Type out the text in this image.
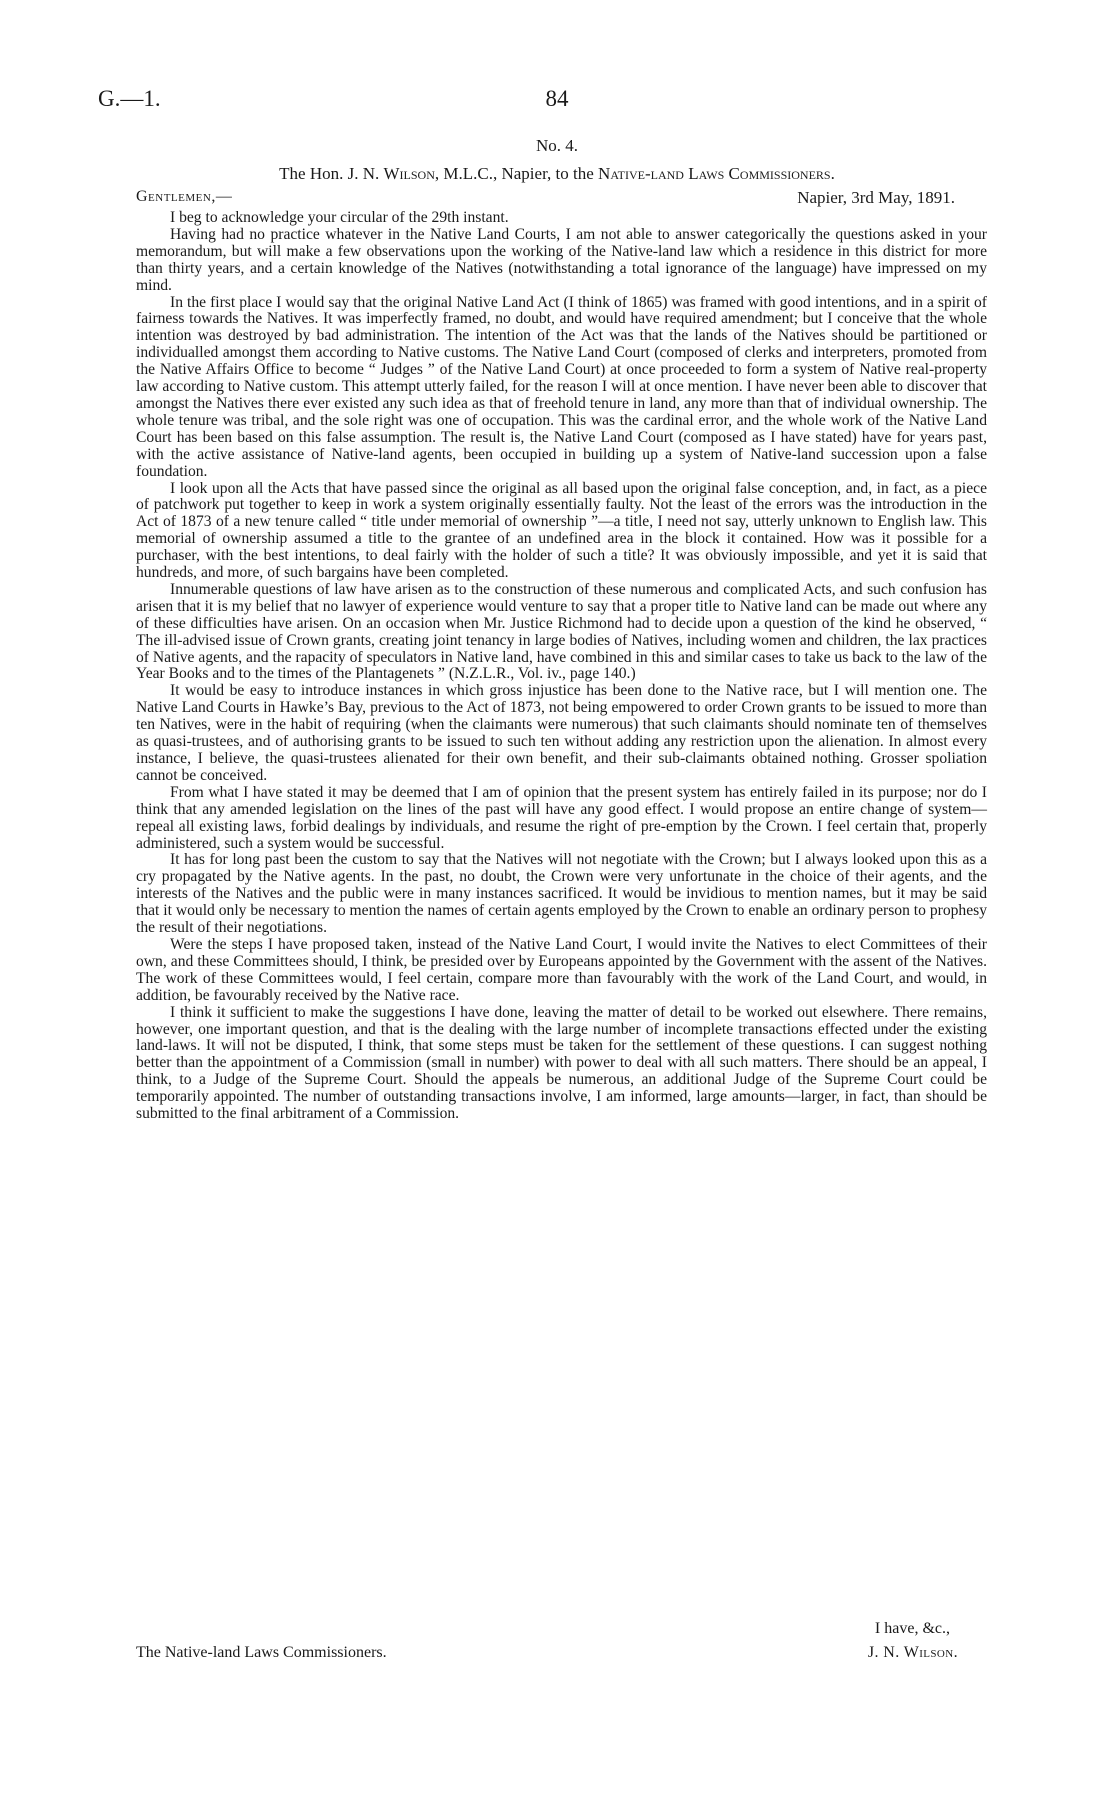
G.—1.	84
No. 4.
The Hon. J. N. Wilson, M.L.C., Napier, to the Native-land Laws Commissioners.
Gentlemen,—	Napier, 3rd May, 1891.

I beg to acknowledge your circular of the 29th instant.

Having had no practice whatever in the Native Land Courts, I am not able to answer categorically the questions asked in your memorandum, but will make a few observations upon the working of the Native-land law which a residence in this district for more than thirty years, and a certain knowledge of the Natives (notwithstanding a total ignorance of the language) have impressed on my mind.

In the first place I would say that the original Native Land Act (I think of 1865) was framed with good intentions, and in a spirit of fairness towards the Natives. It was imperfectly framed, no doubt, and would have required amendment; but I conceive that the whole intention was destroyed by bad administration. The intention of the Act was that the lands of the Natives should be partitioned or individualled amongst them according to Native customs. The Native Land Court (composed of clerks and interpreters, promoted from the Native Affairs Office to become “ Judges ” of the Native Land Court) at once proceeded to form a system of Native real-property law according to Native custom. This attempt utterly failed, for the reason I will at once mention. I have never been able to discover that amongst the Natives there ever existed any such idea as that of freehold tenure in land, any more than that of individual ownership. The whole tenure was tribal, and the sole right was one of occupation. This was the cardinal error, and the whole work of the Native Land Court has been based on this false assumption. The result is, the Native Land Court (composed as I have stated) have for years past, with the active assistance of Native-land agents, been occupied in building up a system of Native-land succession upon a false foundation.

I look upon all the Acts that have passed since the original as all based upon the original false conception, and, in fact, as a piece of patchwork put together to keep in work a system originally essentially faulty. Not the least of the errors was the introduction in the Act of 1873 of a new tenure called “ title under memorial of ownership ”—a title, I need not say, utterly unknown to English law. This memorial of ownership assumed a title to the grantee of an undefined area in the block it contained. How was it possible for a purchaser, with the best intentions, to deal fairly with the holder of such a title? It was obviously impossible, and yet it is said that hundreds, and more, of such bargains have been completed.

Innumerable questions of law have arisen as to the construction of these numerous and complicated Acts, and such confusion has arisen that it is my belief that no lawyer of experience would venture to say that a proper title to Native land can be made out where any of these difficulties have arisen. On an occasion when Mr. Justice Richmond had to decide upon a question of the kind he observed, “ The ill-advised issue of Crown grants, creating joint tenancy in large bodies of Natives, including women and children, the lax practices of Native agents, and the rapacity of speculators in Native land, have combined in this and similar cases to take us back to the law of the Year Books and to the times of the Plantagenets ” (N.Z.L.R., Vol. iv., page 140.)

It would be easy to introduce instances in which gross injustice has been done to the Native race, but I will mention one. The Native Land Courts in Hawke’s Bay, previous to the Act of 1873, not being empowered to order Crown grants to be issued to more than ten Natives, were in the habit of requiring (when the claimants were numerous) that such claimants should nominate ten of themselves as quasi-trustees, and of authorising grants to be issued to such ten without adding any restriction upon the alienation. In almost every instance, I believe, the quasi-trustees alienated for their own benefit, and their sub-claimants obtained nothing. Grosser spoliation cannot be conceived.

From what I have stated it may be deemed that I am of opinion that the present system has entirely failed in its purpose; nor do I think that any amended legislation on the lines of the past will have any good effect. I would propose an entire change of system—repeal all existing laws, forbid dealings by individuals, and resume the right of pre-emption by the Crown. I feel certain that, properly administered, such a system would be successful.

It has for long past been the custom to say that the Natives will not negotiate with the Crown; but I always looked upon this as a cry propagated by the Native agents. In the past, no doubt, the Crown were very unfortunate in the choice of their agents, and the interests of the Natives and the public were in many instances sacrificed. It would be invidious to mention names, but it may be said that it would only be necessary to mention the names of certain agents employed by the Crown to enable an ordinary person to prophesy the result of their negotiations.

Were the steps I have proposed taken, instead of the Native Land Court, I would invite the Natives to elect Committees of their own, and these Committees should, I think, be presided over by Europeans appointed by the Government with the assent of the Natives. The work of these Committees would, I feel certain, compare more than favourably with the work of the Land Court, and would, in addition, be favourably received by the Native race.

I think it sufficient to make the suggestions I have done, leaving the matter of detail to be worked out elsewhere. There remains, however, one important question, and that is the dealing with the large number of incomplete transactions effected under the existing land-laws. It will not be disputed, I think, that some steps must be taken for the settlement of these questions. I can suggest nothing better than the appointment of a Commission (small in number) with power to deal with all such matters. There should be an appeal, I think, to a Judge of the Supreme Court. Should the appeals be numerous, an additional Judge of the Supreme Court could be temporarily appointed. The number of outstanding transactions involve, I am informed, large amounts—larger, in fact, than should be submitted to the final arbitrament of a Commission.

I have, &c.,
The Native-land Laws Commissioners.	J. N. Wilson.
